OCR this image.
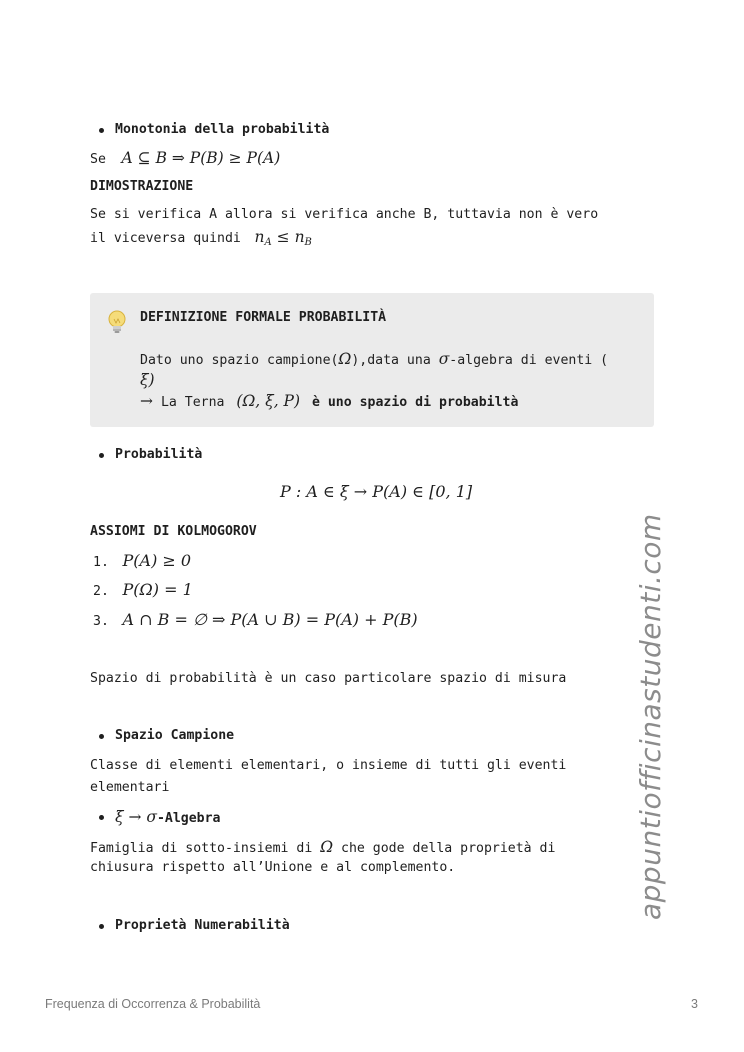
Monotonia della probabilità
Se A ⊆ B ⇒ P(B) ≥ P(A)
DIMOSTRAZIONE
Se si verifica A allora si verifica anche B, tuttavia non è vero
il viceversa quindi $n_A \le n_B$
DEFINIZIONE FORMALE PROBABILITÀ
Dato uno spazio campione(Ω),data una σ-algebra di eventi (
ξ)
→ La Terna (Ω, ξ, P) è uno spazio di probabiltà
Probabilità
P : A ∈ ξ → P(A) ∈ [0, 1]
ASSIOMI DI KOLMOGOROV
1. P(A) ≥ 0
2. P(Ω) = 1
3. A ∩ B = ∅ ⇒ P(A ∪ B) = P(A) + P(B)
Spazio di probabilità è un caso particolare spazio di misura
Spazio Campione
Classe di elementi elementari, o insieme di tutti gli eventi
elementari
ξ → σ-Algebra
Famiglia di sotto-insiemi di Ω che gode della proprietà di
chiusura rispetto all’Unione e al complemento.
Proprietà Numerabilità
appuntiofficinastudenti.com
Frequenza di Occorrenza & Probabilità	3
